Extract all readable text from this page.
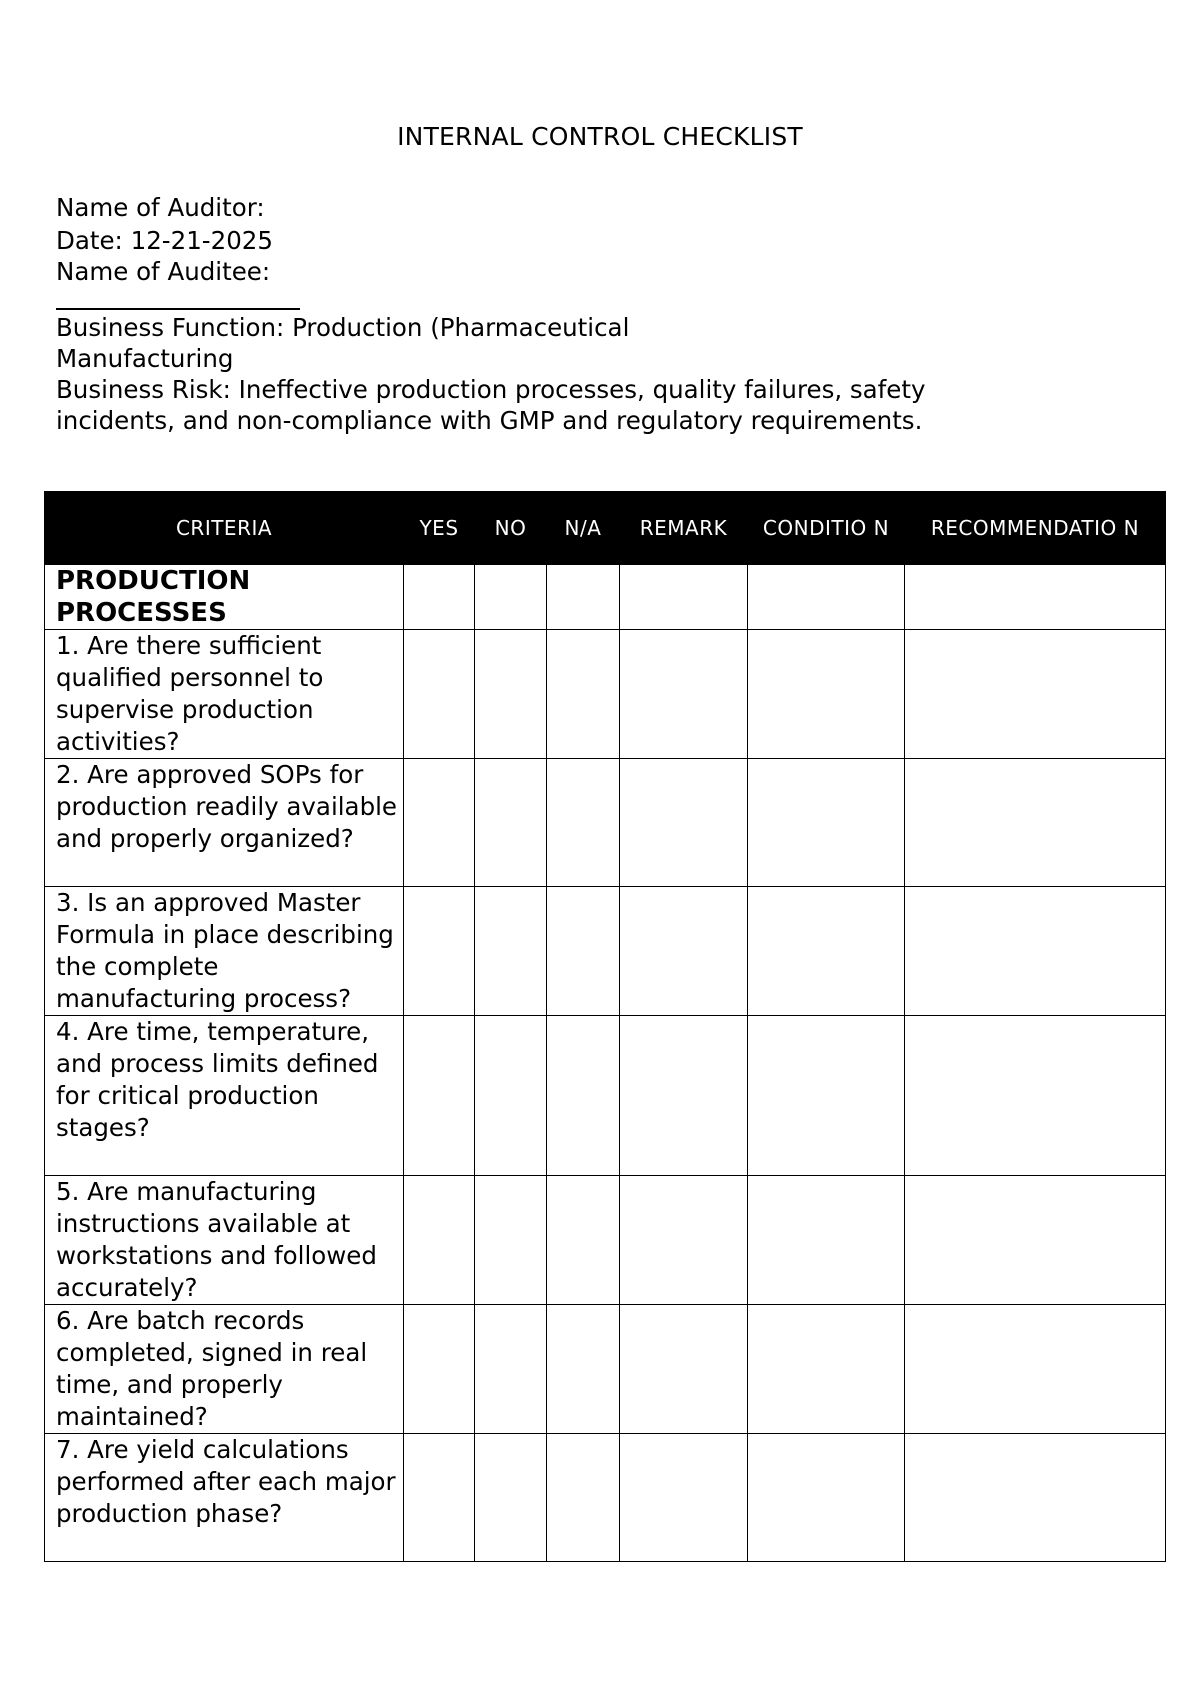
INTERNAL CONTROL CHECKLIST
Name of Auditor:
Date: 12-21-2025
Name of Auditee:
Business Function: Production (Pharmaceutical
Manufacturing
Business Risk: Ineffective production processes, quality failures, safety
incidents, and non-compliance with GMP and regulatory requirements.
CRITERIA	YES	NO	N/A	REMARK	CONDITIO N	RECOMMENDATIO N
PRODUCTION PROCESSES						
1. Are there sufficient qualified personnel to supervise production activities?						
2. Are approved SOPs for production readily available and properly organized?						
3. Is an approved Master Formula in place describing the complete manufacturing process?						
4. Are time, temperature, and process limits defined for critical production stages?						
5. Are manufacturing instructions available at workstations and followed accurately?						
6. Are batch records completed, signed in real time, and properly maintained?						
7. Are yield calculations performed after each major production phase?						
